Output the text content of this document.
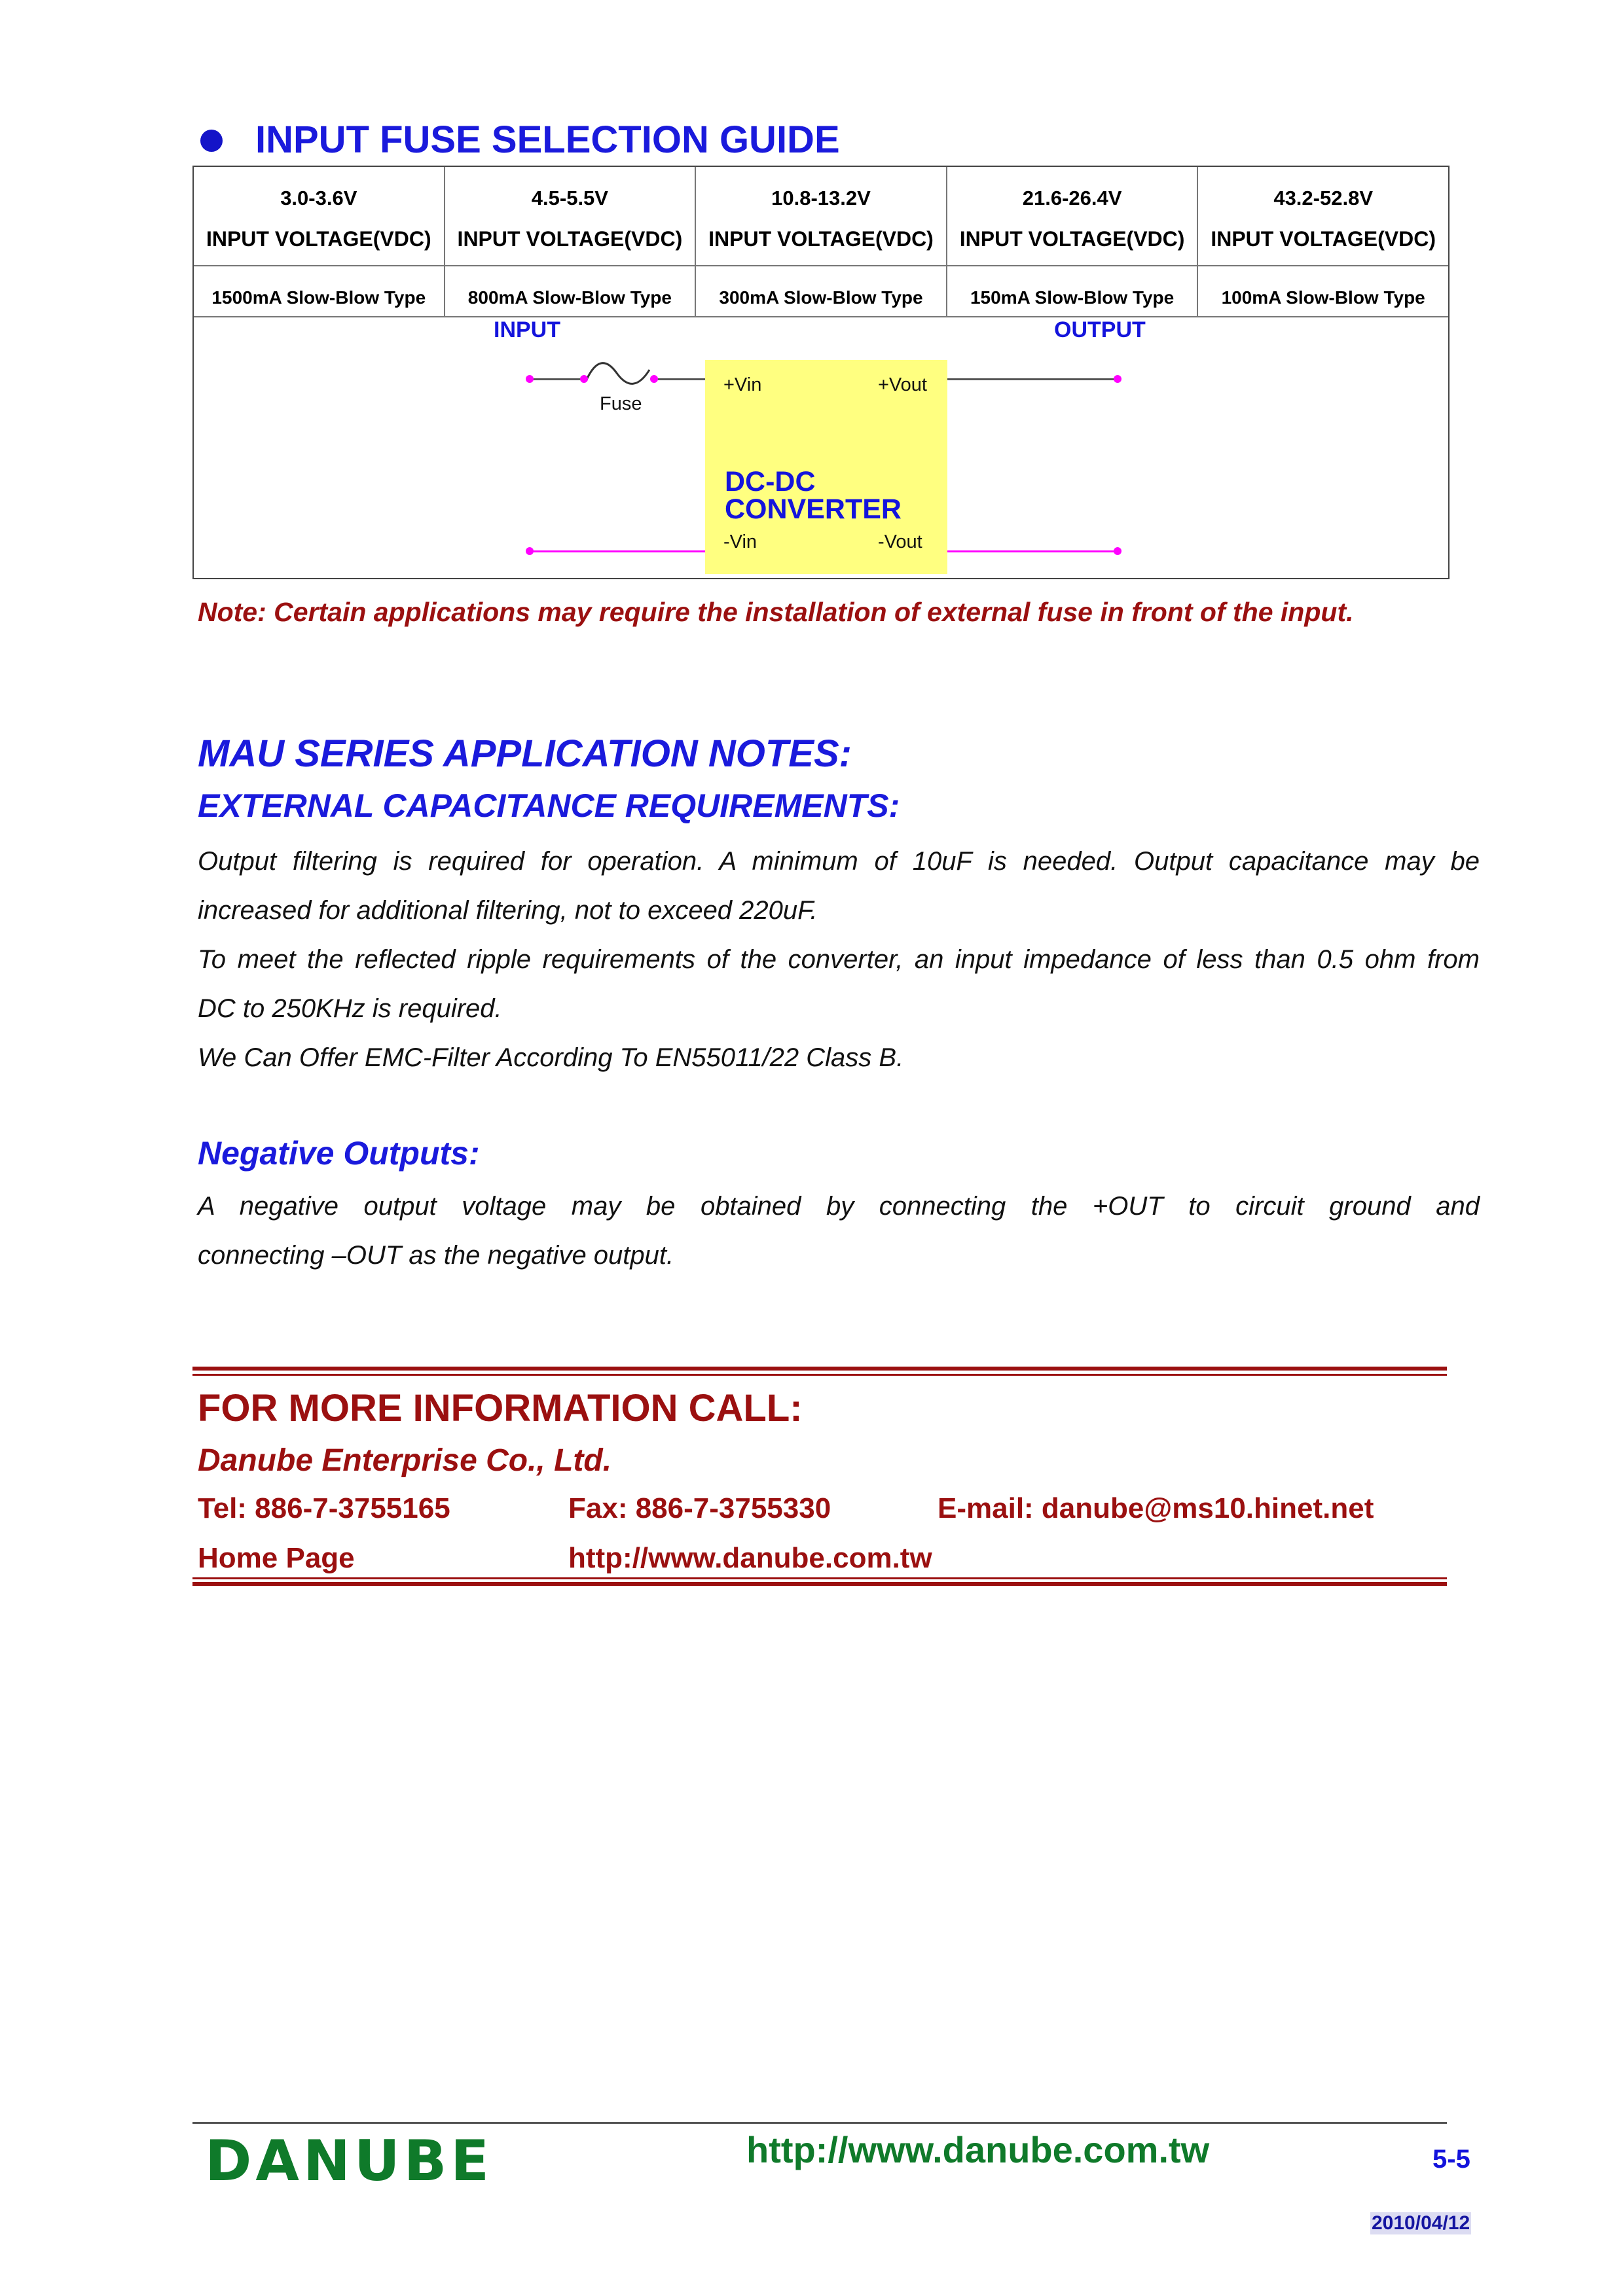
INPUT FUSE SELECTION GUIDE
3.0-3.6V	4.5-5.5V	10.8-13.2V	21.6-26.4V	43.2-52.8V
INPUT VOLTAGE(VDC)	INPUT VOLTAGE(VDC)	INPUT VOLTAGE(VDC)	INPUT VOLTAGE(VDC)	INPUT VOLTAGE(VDC)
1500mA Slow-Blow Type	800mA Slow-Blow Type	300mA Slow-Blow Type	150mA Slow-Blow Type	100mA Slow-Blow Type
INPUT	OUTPUT
Fuse
+Vin	+Vout
DC-DC
CONVERTER
-Vin	-Vout
Note: Certain applications may require the installation of external fuse in front of the input.
MAU SERIES APPLICATION NOTES:
EXTERNAL CAPACITANCE REQUIREMENTS:
Output filtering is required for operation. A minimum of 10uF is needed. Output capacitance may be
increased for additional filtering, not to exceed 220uF.
To meet the reflected ripple requirements of the converter, an input impedance of less than 0.5 ohm from
DC to 250KHz is required.
We Can Offer EMC-Filter According To EN55011/22 Class B.
Negative Outputs:
A negative output voltage may be obtained by connecting the +OUT to circuit ground and
connecting –OUT as the negative output.
FOR MORE INFORMATION CALL:
Danube Enterprise Co., Ltd.
Tel: 886-7-3755165	Fax: 886-7-3755330	E-mail: danube@ms10.hinet.net
Home Page	http://www.danube.com.tw
DANUBE	http://www.danube.com.tw	5-5
2010/04/12
